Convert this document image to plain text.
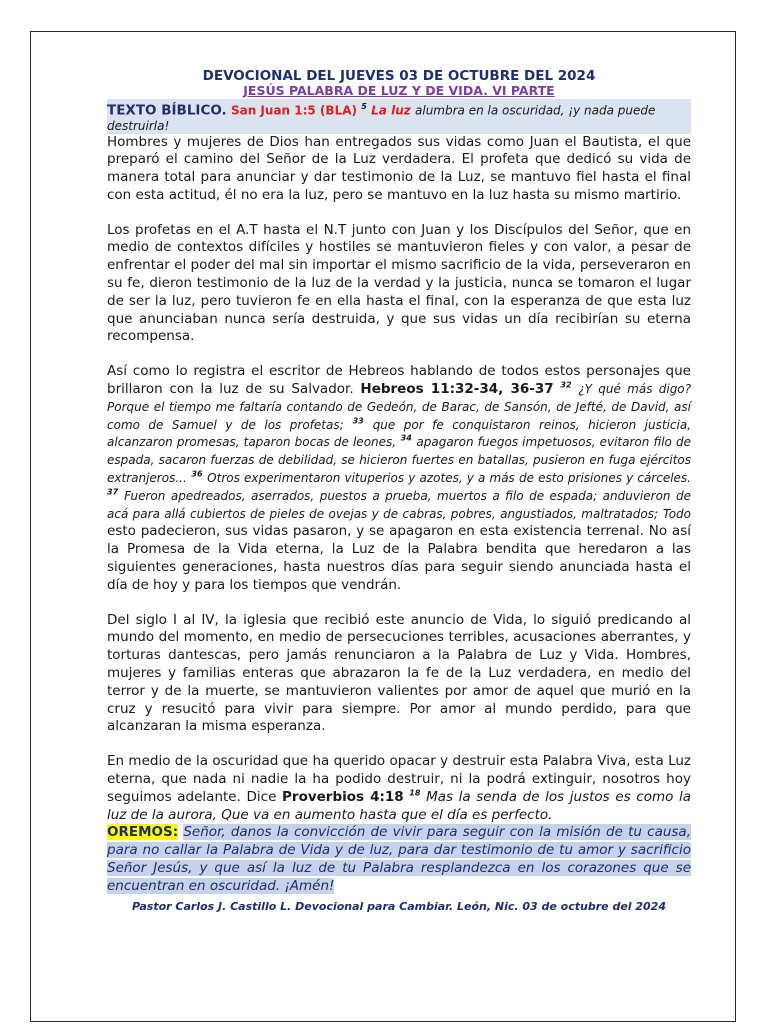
DEVOCIONAL DEL JUEVES 03 DE OCTUBRE DEL 2024
JESÚS PALABRA DE LUZ Y DE VIDA. VI PARTE
TEXTO BÍBLICO. San Juan 1:5 (BLA) $^5$ La luz alumbra en la oscuridad, ¡y nada puede destruirla!

Hombres y mujeres de Dios han entregados sus vidas como Juan el Bautista, el que preparó el camino del Señor de la Luz verdadera. El profeta que dedicó su vida de manera total para anunciar y dar testimonio de la Luz, se mantuvo fiel hasta el final con esta actitud, él no era la luz, pero se mantuvo en la luz hasta su mismo martirio.

Los profetas en el A.T hasta el N.T junto con Juan y los Discípulos del Señor, que en medio de contextos difíciles y hostiles se mantuvieron fieles y con valor, a pesar de enfrentar el poder del mal sin importar el mismo sacrificio de la vida, perseveraron en su fe, dieron testimonio de la luz de la verdad y la justicia, nunca se tomaron el lugar de ser la luz, pero tuvieron fe en ella hasta el final, con la esperanza de que esta luz que anunciaban nunca sería destruida, y que sus vidas un día recibirían su eterna recompensa.

Así como lo registra el escritor de Hebreos hablando de todos estos personajes que brillaron con la luz de su Salvador. Hebreos 11:32-34, 36-37 $^{32}$ ¿Y qué más digo? Porque el tiempo me faltaría contando de Gedeón, de Barac, de Sansón, de Jefté, de David, así como de Samuel y de los profetas; $^{33}$ que por fe conquistaron reinos, hicieron justicia, alcanzaron promesas, taparon bocas de leones, $^{34}$ apagaron fuegos impetuosos, evitaron filo de espada, sacaron fuerzas de debilidad, se hicieron fuertes en batallas, pusieron en fuga ejércitos extranjeros... $^{36}$ Otros experimentaron vituperios y azotes, y a más de esto prisiones y cárceles. $^{37}$ Fueron apedreados, aserrados, puestos a prueba, muertos a filo de espada; anduvieron de acá para allá cubiertos de pieles de ovejas y de cabras, pobres, angustiados, maltratados; Todo esto padecieron, sus vidas pasaron, y se apagaron en esta existencia terrenal. No así la Promesa de la Vida eterna, la Luz de la Palabra bendita que heredaron a las siguientes generaciones, hasta nuestros días para seguir siendo anunciada hasta el día de hoy y para los tiempos que vendrán.

Del siglo I al IV, la iglesia que recibió este anuncio de Vida, lo siguió predicando al mundo del momento, en medio de persecuciones terribles, acusaciones aberrantes, y torturas dantescas, pero jamás renunciaron a la Palabra de Luz y Vida. Hombres, mujeres y familias enteras que abrazaron la fe de la Luz verdadera, en medio del terror y de la muerte, se mantuvieron valientes por amor de aquel que murió en la cruz y resucitó para vivir para siempre. Por amor al mundo perdido, para que alcanzaran la misma esperanza.

En medio de la oscuridad que ha querido opacar y destruir esta Palabra Viva, esta Luz eterna, que nada ni nadie la ha podido destruir, ni la podrá extinguir, nosotros hoy seguimos adelante. Dice Proverbios 4:18 $^{18}$ Mas la senda de los justos es como la luz de la aurora, Que va en aumento hasta que el día es perfecto.

OREMOS: Señor, danos la convicción de vivir para seguir con la misión de tu causa, para no callar la Palabra de Vida y de luz, para dar testimonio de tu amor y sacrificio Señor Jesús, y que así la luz de tu Palabra resplandezca en los corazones que se encuentran en oscuridad. ¡Amén!

Pastor Carlos J. Castillo L. Devocional para Cambiar. León, Nic. 03 de octubre del 2024
